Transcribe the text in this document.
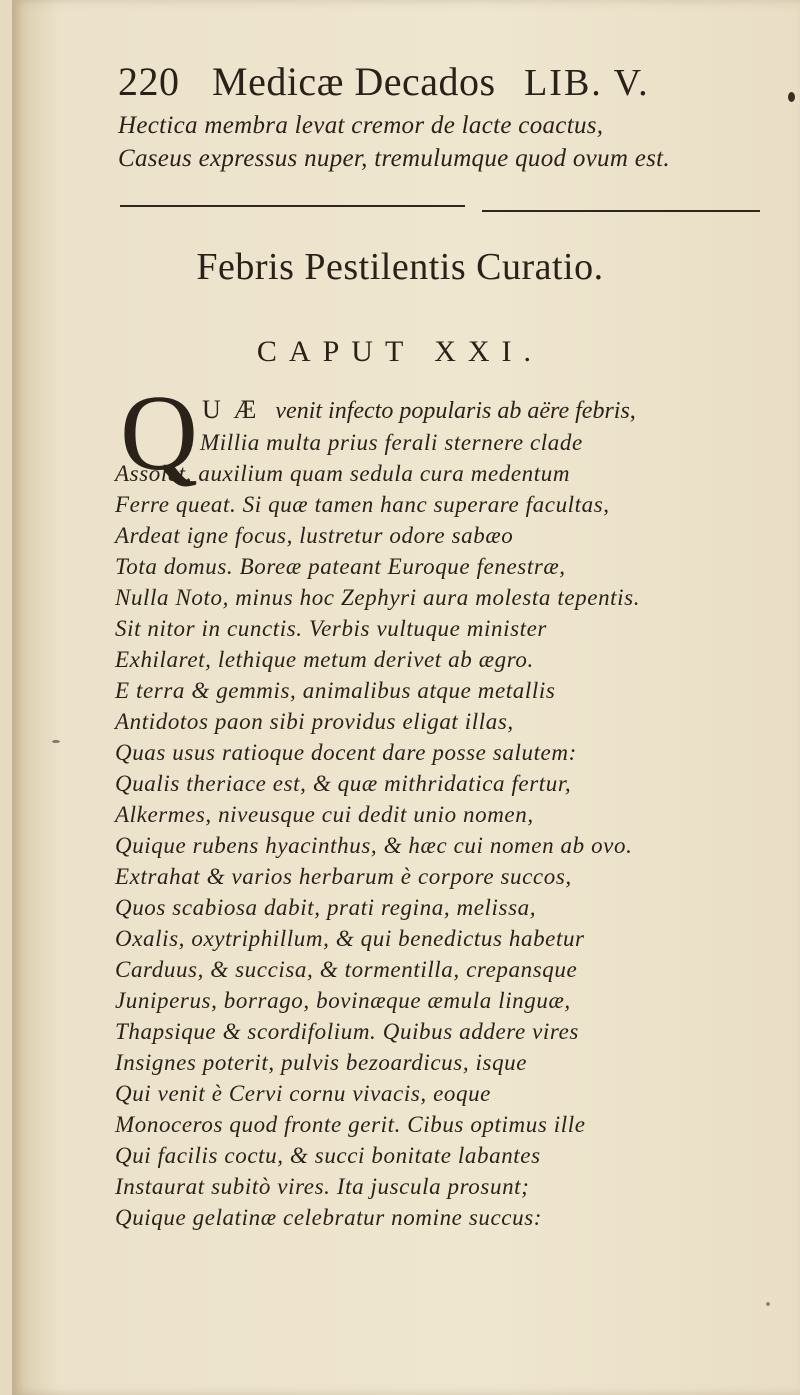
220 Medicæ Decados LIB. V.
Hectica membra levat cremor de lacte coactus,
Caseus expressus nuper, tremulumque quod ovum est.
Febris Pestilentis Curatio.
CAPUT XXI.
Q U Æ venit infecto popularis ab aëre febris,
Millia multa prius ferali sternere clade
Assolet, auxilium quam sedula cura medentum
Ferre queat. Si quæ tamen hanc superare facultas,
Ardeat igne focus, lustretur odore sabæo
Tota domus. Boreæ pateant Euroque fenestræ,
Nulla Noto, minus hoc Zephyri aura molesta tepentis.
Sit nitor in cunctis. Verbis vultuque minister
Exhilaret, lethique metum derivet ab ægro.
E terra & gemmis, animalibus atque metallis
Antidotos paon sibi providus eligat illas,
Quas usus ratioque docent dare posse salutem:
Qualis theriace est, & quæ mithridatica fertur,
Alkermes, niveusque cui dedit unio nomen,
Quique rubens hyacinthus, & hæc cui nomen ab ovo.
Extrahat & varios herbarum è corpore succos,
Quos scabiosa dabit, prati regina, melissa,
Oxalis, oxytriphillum, & qui benedictus habetur
Carduus, & succisa, & tormentilla, crepansque
Juniperus, borrago, bovinæque æmula linguæ,
Thapsique & scordifolium. Quibus addere vires
Insignes poterit, pulvis bezoardicus, isque
Qui venit è Cervi cornu vivacis, eoque
Monoceros quod fronte gerit. Cibus optimus ille
Qui facilis coctu, & succi bonitate labantes
Instaurat subitò vires. Ita juscula prosunt;
Quique gelatinæ celebratur nomine succus:
